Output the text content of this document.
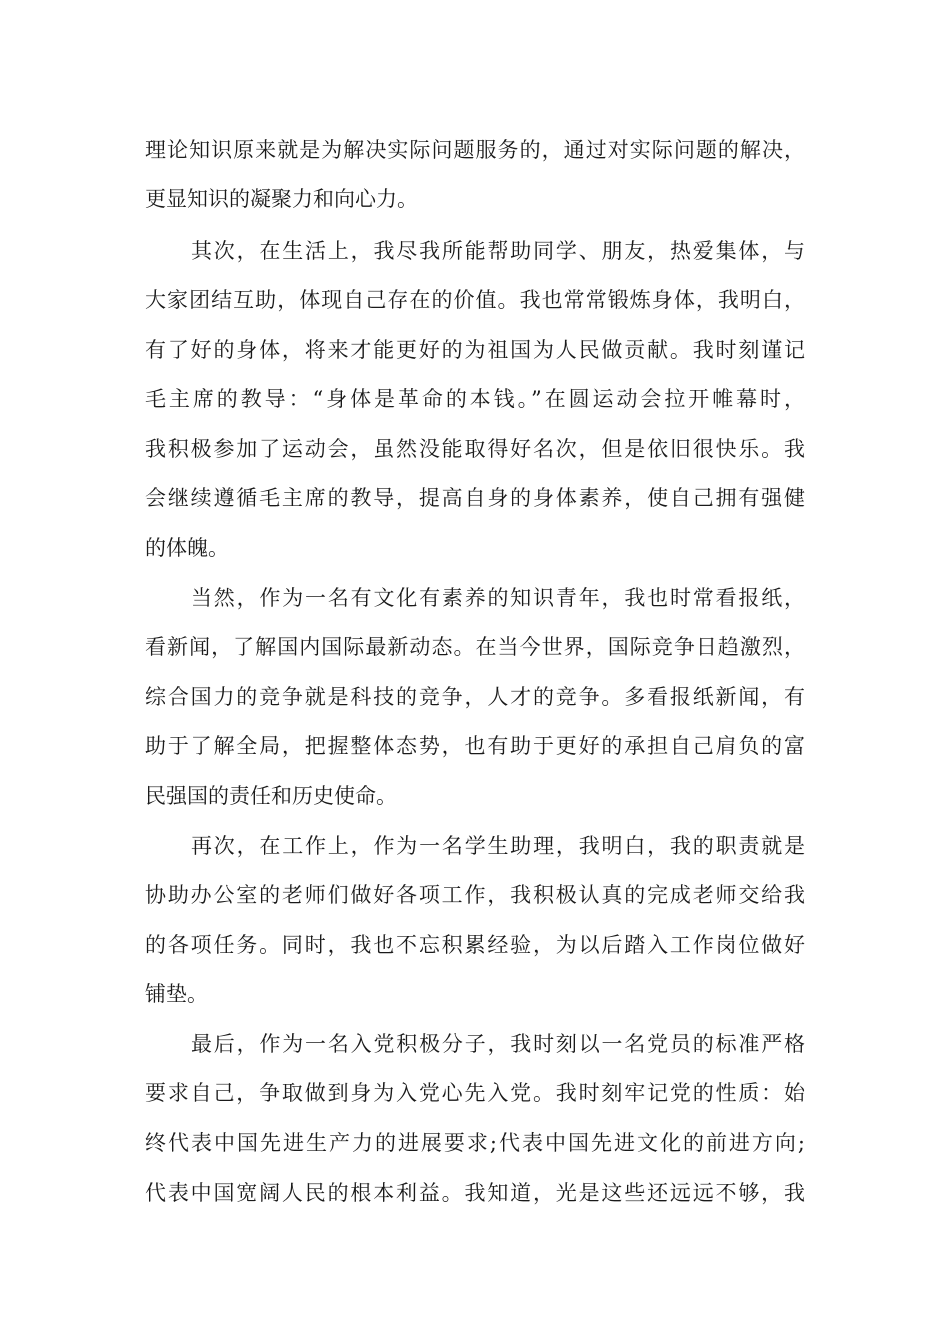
理论知识原来就是为解决实际问题服务的，通过对实际问题的解决，
更显知识的凝聚力和向心力。
其次，在生活上，我尽我所能帮助同学、朋友，热爱集体，与
大家团结互助，体现自己存在的价值。我也常常锻炼身体，我明白，
有了好的身体，将来才能更好的为祖国为人民做贡献。我时刻谨记
毛主席的教导：“身体是革命的本钱。”在圆运动会拉开帷幕时，
我积极参加了运动会，虽然没能取得好名次，但是依旧很快乐。我
会继续遵循毛主席的教导，提高自身的身体素养，使自己拥有强健
的体魄。
当然，作为一名有文化有素养的知识青年，我也时常看报纸，
看新闻，了解国内国际最新动态。在当今世界，国际竞争日趋激烈，
综合国力的竞争就是科技的竞争，人才的竞争。多看报纸新闻，有
助于了解全局，把握整体态势，也有助于更好的承担自己肩负的富
民强国的责任和历史使命。
再次，在工作上，作为一名学生助理，我明白，我的职责就是
协助办公室的老师们做好各项工作，我积极认真的完成老师交给我
的各项任务。同时，我也不忘积累经验，为以后踏入工作岗位做好
铺垫。
最后，作为一名入党积极分子，我时刻以一名党员的标准严格
要求自己，争取做到身为入党心先入党。我时刻牢记党的性质：始
终代表中国先进生产力的进展要求;代表中国先进文化的前进方向;
代表中国宽阔人民的根本利益。我知道，光是这些还远远不够，我
